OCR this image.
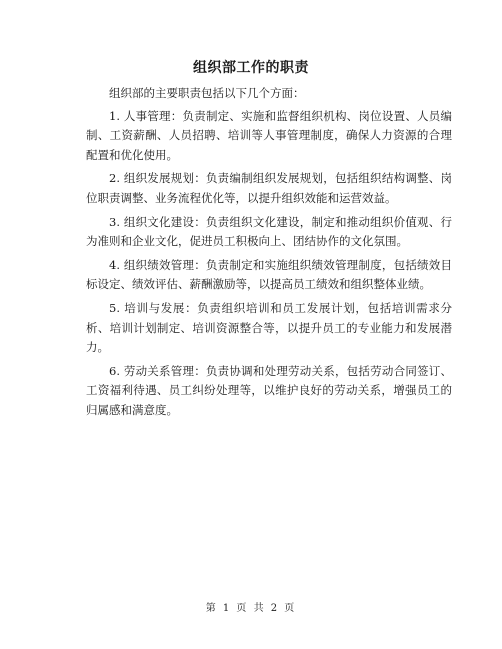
组织部工作的职责

组织部的主要职责包括以下几个方面：

1. 人事管理：负责制定、实施和监督组织机构、岗位设置、人员编制、工资薪酬、人员招聘、培训等人事管理制度，确保人力资源的合理配置和优化使用。

2. 组织发展规划：负责编制组织发展规划，包括组织结构调整、岗位职责调整、业务流程优化等，以提升组织效能和运营效益。

3. 组织文化建设：负责组织文化建设，制定和推动组织价值观、行为准则和企业文化，促进员工积极向上、团结协作的文化氛围。

4. 组织绩效管理：负责制定和实施组织绩效管理制度，包括绩效目标设定、绩效评估、薪酬激励等，以提高员工绩效和组织整体业绩。

5. 培训与发展：负责组织培训和员工发展计划，包括培训需求分析、培训计划制定、培训资源整合等，以提升员工的专业能力和发展潜力。

6. 劳动关系管理：负责协调和处理劳动关系，包括劳动合同签订、工资福利待遇、员工纠纷处理等，以维护良好的劳动关系，增强员工的归属感和满意度。

第 1 页 共 2 页
